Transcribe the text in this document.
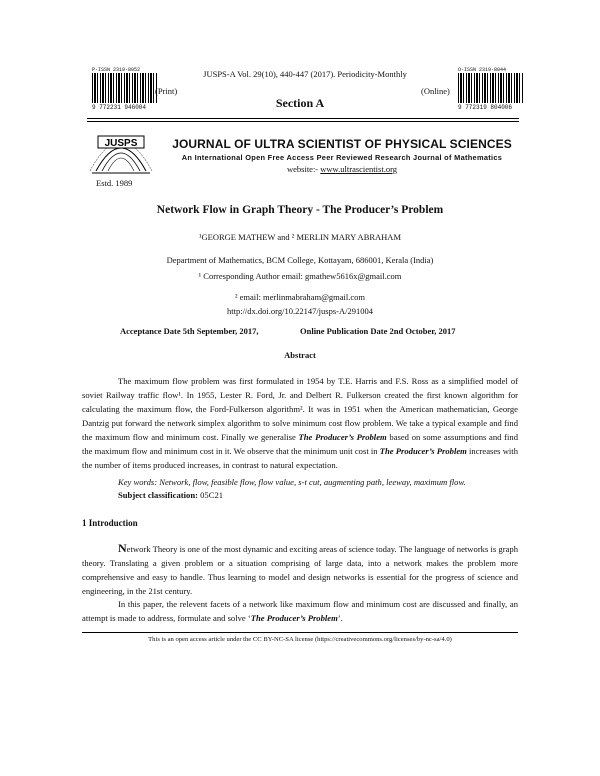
P-ISSN 2319-8052
9 772231 946004
O-ISSN 2319-8044
9 772319 804006
JUSPS-A Vol. 29(10), 440-447 (2017). Periodicity-Monthly
(Print)	(Online)
Section A
JUSPS
Estd. 1989
JOURNAL OF ULTRA SCIENTIST OF PHYSICAL SCIENCES
An International Open Free Access Peer Reviewed Research Journal of Mathematics
website:- www.ultrascientist.org
Network Flow in Graph Theory - The Producer’s Problem
¹GEORGE MATHEW and ² MERLIN MARY ABRAHAM
Department of Mathematics, BCM College, Kottayam, 686001, Kerala (India)
¹ Corresponding Author email: gmathew5616x@gmail.com
² email: merlinmabraham@gmail.com
http://dx.doi.org/10.22147/jusps-A/291004
Acceptance Date 5th September, 2017,	Online Publication Date 2nd October, 2017
Abstract
The maximum flow problem was first formulated in 1954 by T.E. Harris and F.S. Ross as a simplified model of soviet Railway traffic flow¹. In 1955, Lester R. Ford, Jr. and Delbert R. Fulkerson created the first known algorithm for calculating the maximum flow, the Ford-Fulkerson algorithm². It was in 1951 when the American mathematician, George Dantzig put forward the network simplex algorithm to solve minimum cost flow problem. We take a typical example and find the maximum flow and minimum cost. Finally we generalise The Producer’s Problem based on some assumptions and find the maximum flow and minimum cost in it. We observe that the minimum unit cost in The Producer’s Problem increases with the number of items produced increases, in contrast to natural expectation.
Key words: Network, flow, feasible flow, flow value, s-t cut, augmenting path, leeway, maximum flow.
Subject classification: 05C21
1 Introduction
Network Theory is one of the most dynamic and exciting areas of science today. The language of networks is graph theory. Translating a given problem or a situation comprising of large data, into a network makes the problem more comprehensive and easy to handle. Thus learning to model and design networks is essential for the progress of science and engineering, in the 21st century.
In this paper, the relevent facets of a network like maximum flow and minimum cost are discussed and finally, an attempt is made to address, formulate and solve ‘The Producer’s Problem’.
This is an open access article under the CC BY-NC-SA license (https://creativecommons.org/licenses/by-nc-sa/4.0)
